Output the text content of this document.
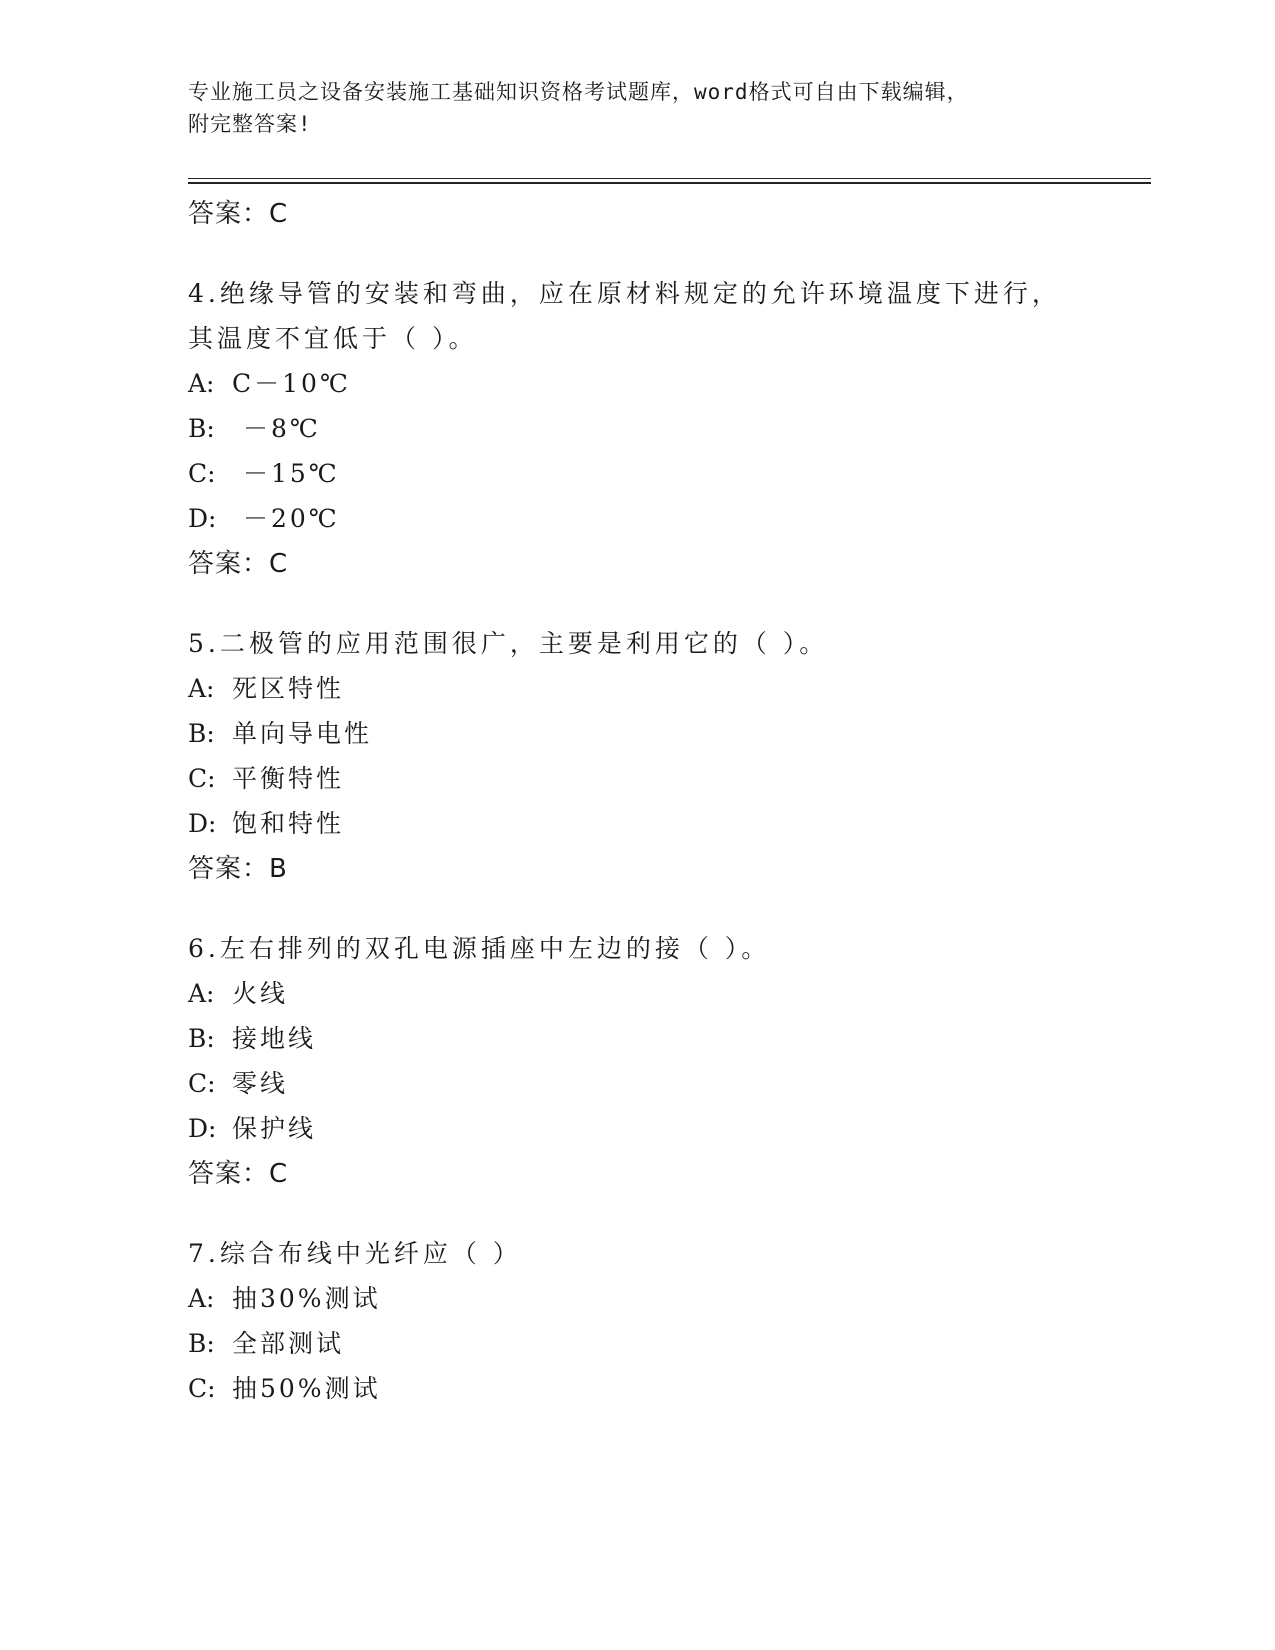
专业施工员之设备安装施工基础知识资格考试题库，word格式可自由下载编辑，
附完整答案!
答案：C
4.绝缘导管的安装和弯曲，应在原材料规定的允许环境温度下进行，
其温度不宜低于（ ）。
A: C－10℃
B: －8℃
C: －15℃
D: －20℃
答案：C
5.二极管的应用范围很广，主要是利用它的（ ）。
A: 死区特性
B: 单向导电性
C: 平衡特性
D: 饱和特性
答案：B
6.左右排列的双孔电源插座中左边的接（ ）。
A: 火线
B: 接地线
C: 零线
D: 保护线
答案：C
7.综合布线中光纤应（ ）
A: 抽30%测试
B: 全部测试
C: 抽50%测试
